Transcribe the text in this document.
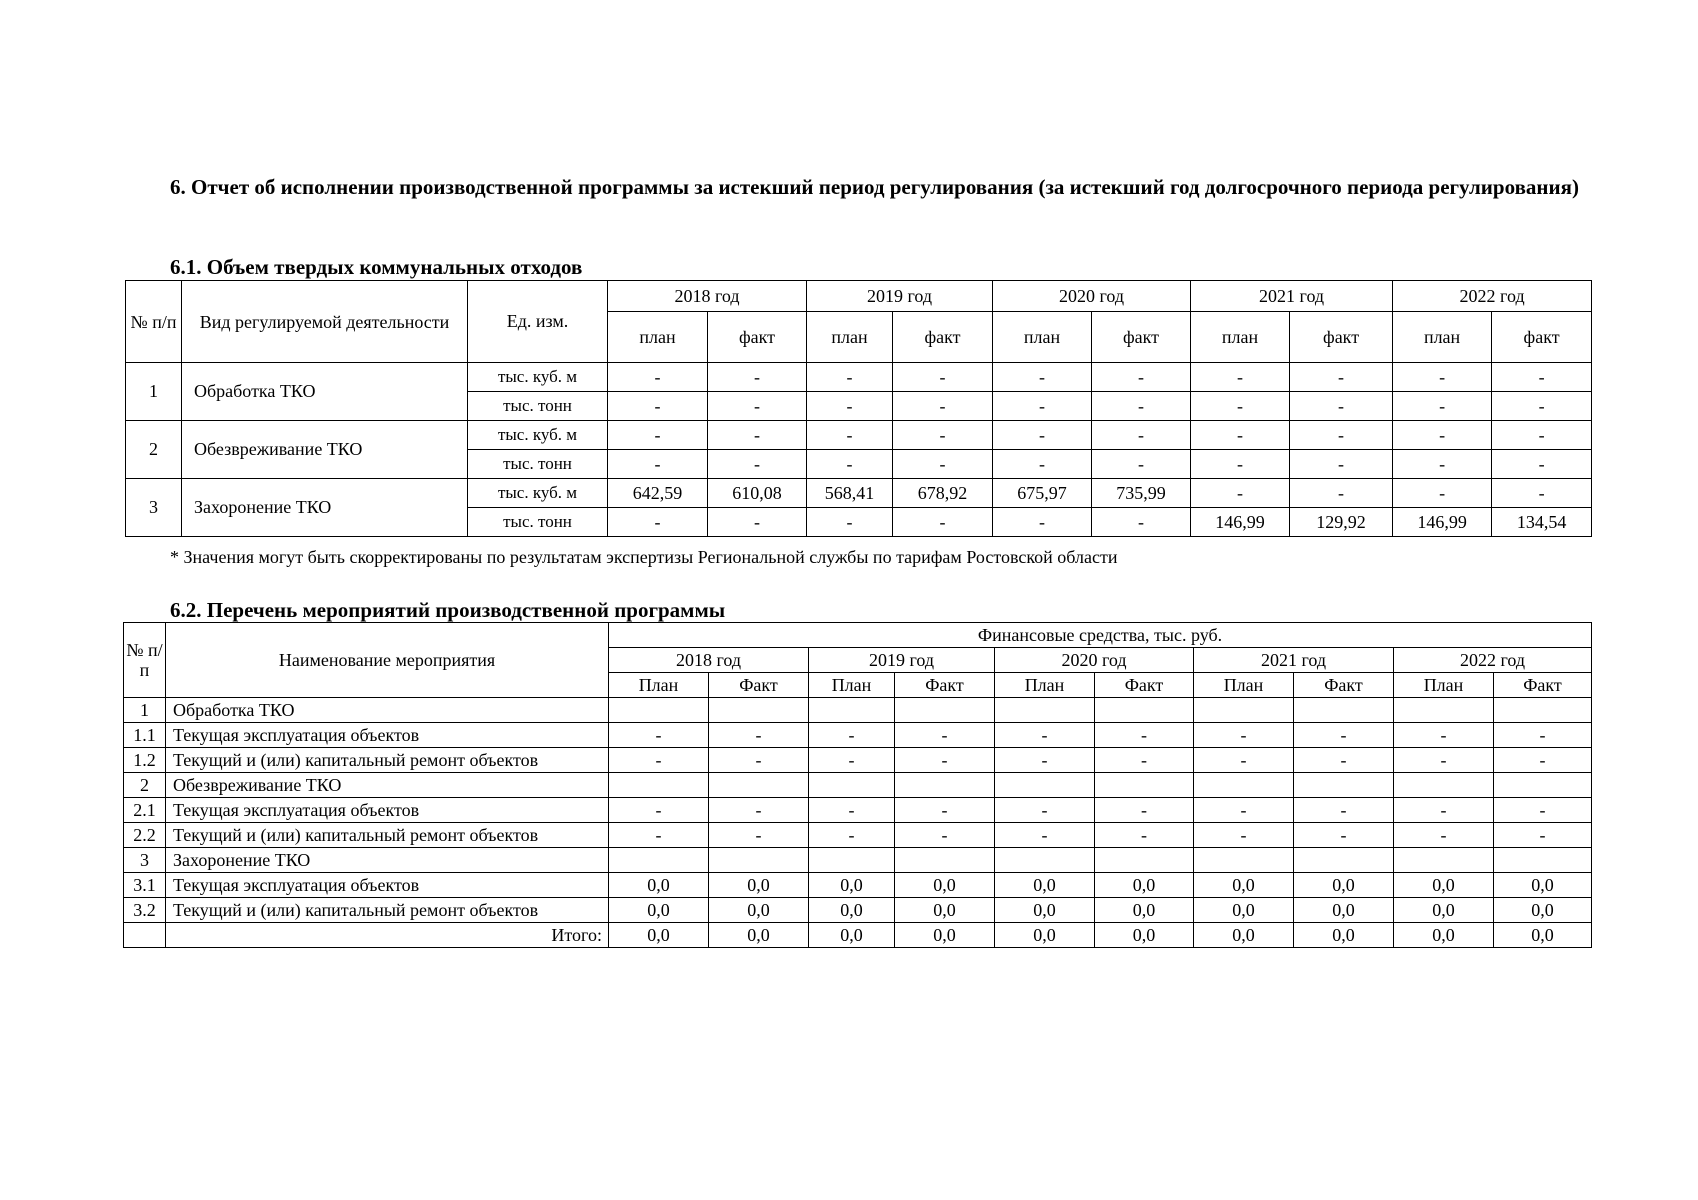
6. Отчет об исполнении производственной программы за истекший период регулирования (за истекший год долгосрочного периода регулирования)
6.1. Объем твердых коммунальных отходов
№ п/п	Вид регулируемой деятельности	Ед. изм.	2018 год		2019 год		2020 год		2021 год		2022 год	
			план	факт	план	факт	план	факт	план	факт	план	факт
1	Обработка ТКО	тыс. куб. м	-	-	-	-	-	-	-	-	-	-
		тыс. тонн	-	-	-	-	-	-	-	-	-	-
2	Обезвреживание ТКО	тыс. куб. м	-	-	-	-	-	-	-	-	-	-
		тыс. тонн	-	-	-	-	-	-	-	-	-	-
3	Захоронение ТКО	тыс. куб. м	642,59	610,08	568,41	678,92	675,97	735,99	-	-	-	-
		тыс. тонн	-	-	-	-	-	-	146,99	129,92	146,99	134,54
* Значения могут быть скорректированы по результатам экспертизы Региональной службы по тарифам Ростовской области
6.2. Перечень мероприятий производственной программы
№ п/п	Наименование мероприятия	Финансовые средства, тыс. руб.									
		2018 год		2019 год		2020 год		2021 год		2022 год	
		План	Факт	План	Факт	План	Факт	План	Факт	План	Факт
1	Обработка ТКО										
1.1	Текущая эксплуатация объектов	-	-	-	-	-	-	-	-	-	-
1.2	Текущий и (или) капитальный ремонт объектов	-	-	-	-	-	-	-	-	-	-
2	Обезвреживание ТКО										
2.1	Текущая эксплуатация объектов	-	-	-	-	-	-	-	-	-	-
2.2	Текущий и (или) капитальный ремонт объектов	-	-	-	-	-	-	-	-	-	-
3	Захоронение ТКО										
3.1	Текущая эксплуатация объектов	0,0	0,0	0,0	0,0	0,0	0,0	0,0	0,0	0,0	0,0
3.2	Текущий и (или) капитальный ремонт объектов	0,0	0,0	0,0	0,0	0,0	0,0	0,0	0,0	0,0	0,0
	Итого:	0,0	0,0	0,0	0,0	0,0	0,0	0,0	0,0	0,0	0,0
